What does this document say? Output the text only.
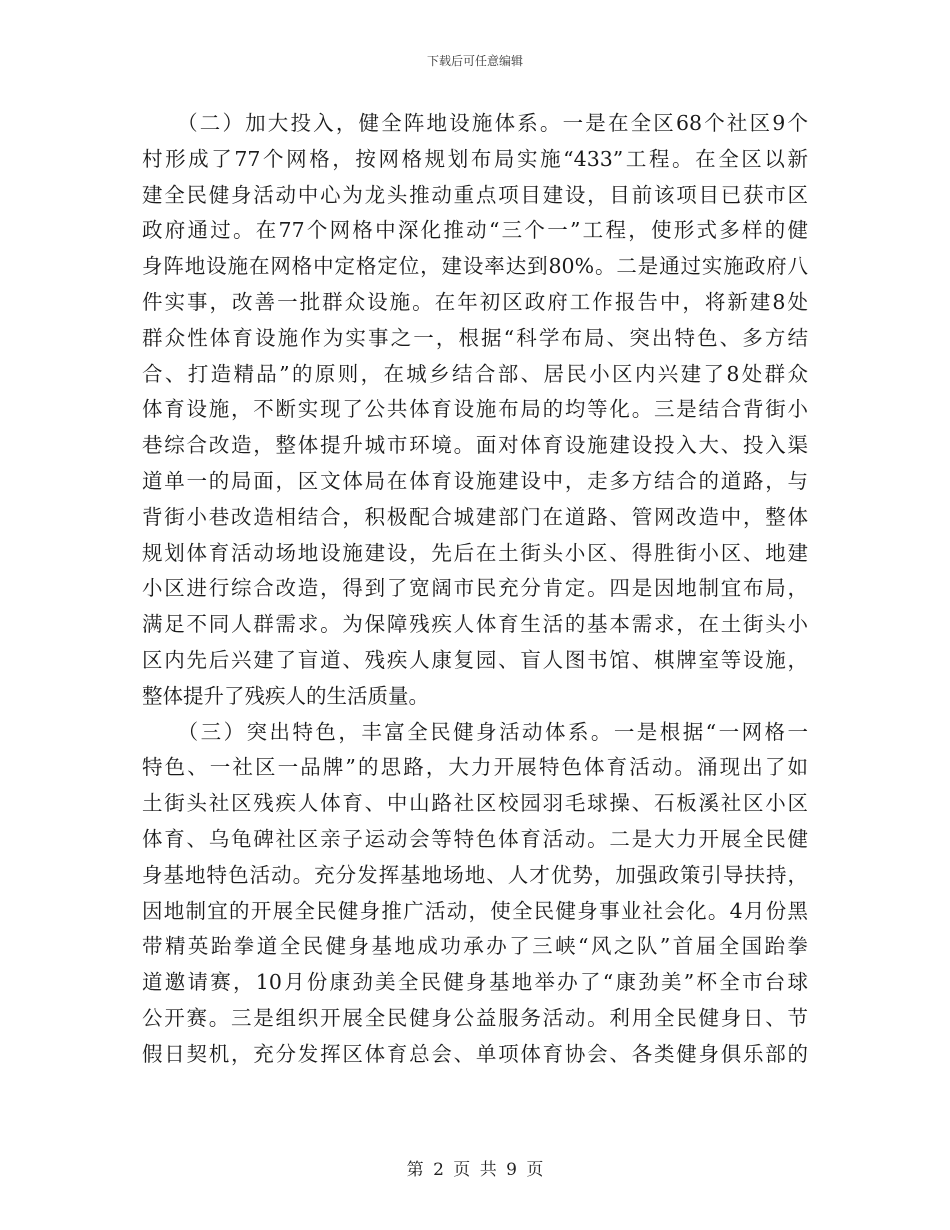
下载后可任意编辑
　　（二）加大投入，健全阵地设施体系。一是在全区68个社区9个
村形成了77个网格，按网格规划布局实施“433”工程。在全区以新
建全民健身活动中心为龙头推动重点项目建设，目前该项目已获市区
政府通过。在77个网格中深化推动“三个一”工程，使形式多样的健
身阵地设施在网格中定格定位，建设率达到80%。二是通过实施政府八
件实事，改善一批群众设施。在年初区政府工作报告中，将新建8处
群众性体育设施作为实事之一，根据“科学布局、突出特色、多方结
合、打造精品”的原则，在城乡结合部、居民小区内兴建了8处群众
体育设施，不断实现了公共体育设施布局的均等化。三是结合背街小
巷综合改造，整体提升城市环境。面对体育设施建设投入大、投入渠
道单一的局面，区文体局在体育设施建设中，走多方结合的道路，与
背街小巷改造相结合，积极配合城建部门在道路、管网改造中，整体
规划体育活动场地设施建设，先后在土街头小区、得胜街小区、地建
小区进行综合改造，得到了宽阔市民充分肯定。四是因地制宜布局，
满足不同人群需求。为保障残疾人体育生活的基本需求，在土街头小
区内先后兴建了盲道、残疾人康复园、盲人图书馆、棋牌室等设施，
整体提升了残疾人的生活质量。
　　（三）突出特色，丰富全民健身活动体系。一是根据“一网格一
特色、一社区一品牌”的思路，大力开展特色体育活动。涌现出了如
土街头社区残疾人体育、中山路社区校园羽毛球操、石板溪社区小区
体育、乌龟碑社区亲子运动会等特色体育活动。二是大力开展全民健
身基地特色活动。充分发挥基地场地、人才优势，加强政策引导扶持，
因地制宜的开展全民健身推广活动，使全民健身事业社会化。4月份黑
带精英跆拳道全民健身基地成功承办了三峡“风之队”首届全国跆拳
道邀请赛，10月份康劲美全民健身基地举办了“康劲美”杯全市台球
公开赛。三是组织开展全民健身公益服务活动。利用全民健身日、节
假日契机，充分发挥区体育总会、单项体育协会、各类健身俱乐部的
第 2 页 共 9 页
